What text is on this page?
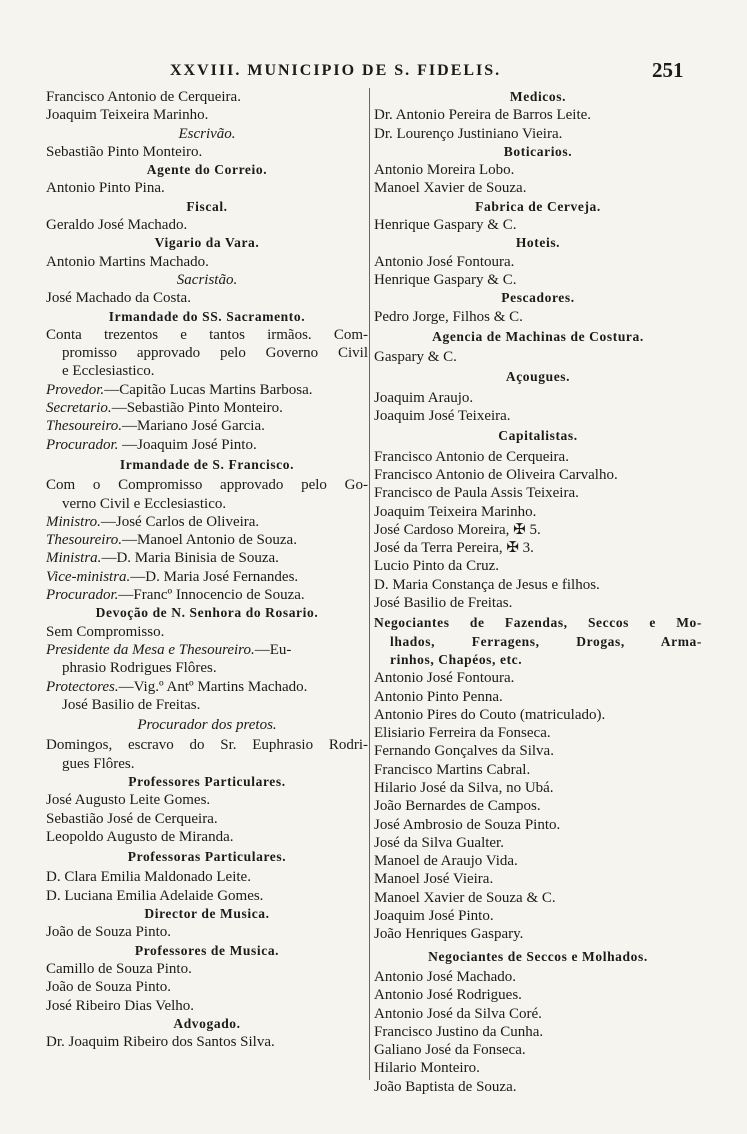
XXVIII. MUNICIPIO DE S. FIDELIS.	251
Francisco Antonio de Cerqueira.
Joaquim Teixeira Marinho.
Escrivão.
Sebastião Pinto Monteiro.
Agente do Correio.
Antonio Pinto Pina.
Fiscal.
Geraldo José Machado.
Vigario da Vara.
Antonio Martins Machado.
Sacristão.
José Machado da Costa.
Irmandade do SS. Sacramento.
Conta trezentos e tantos irmãos. Com-
promisso approvado pelo Governo Civil
e Ecclesiastico.
Provedor.—Capitão Lucas Martins Barbosa.
Secretario.—Sebastião Pinto Monteiro.
Thesoureiro.—Mariano José Garcia.
Procurador. —Joaquim José Pinto.
Irmandade de S. Francisco.
Com o Compromisso approvado pelo Go-
verno Civil e Ecclesiastico.
Ministro.—José Carlos de Oliveira.
Thesoureiro.—Manoel Antonio de Souza.
Ministra.—D. Maria Binisia de Souza.
Vice-ministra.—D. Maria José Fernandes.
Procurador.—Francº Innocencio de Souza.
Devoção de N. Senhora do Rosario.
Sem Compromisso.
Presidente da Mesa e Thesoureiro.—Eu-
phrasio Rodrigues Flôres.
Protectores.—Vig.º Antº Martins Machado.
José Basilio de Freitas.
Procurador dos pretos.
Domingos, escravo do Sr. Euphrasio Rodri-
gues Flôres.
Professores Particulares.
José Augusto Leite Gomes.
Sebastião José de Cerqueira.
Leopoldo Augusto de Miranda.
Professoras Particulares.
D. Clara Emilia Maldonado Leite.
D. Luciana Emilia Adelaide Gomes.
Director de Musica.
João de Souza Pinto.
Professores de Musica.
Camillo de Souza Pinto.
João de Souza Pinto.
José Ribeiro Dias Velho.
Advogado.
Dr. Joaquim Ribeiro dos Santos Silva.
Medicos.
Dr. Antonio Pereira de Barros Leite.
Dr. Lourenço Justiniano Vieira.
Boticarios.
Antonio Moreira Lobo.
Manoel Xavier de Souza.
Fabrica de Cerveja.
Henrique Gaspary & C.
Hoteis.
Antonio José Fontoura.
Henrique Gaspary & C.
Pescadores.
Pedro Jorge, Filhos & C.
Agencia de Machinas de Costura.
Gaspary & C.
Açougues.
Joaquim Araujo.
Joaquim José Teixeira.
Capitalistas.
Francisco Antonio de Cerqueira.
Francisco Antonio de Oliveira Carvalho.
Francisco de Paula Assis Teixeira.
Joaquim Teixeira Marinho.
José Cardoso Moreira, ✠ 5.
José da Terra Pereira, ✠ 3.
Lucio Pinto da Cruz.
D. Maria Constança de Jesus e filhos.
José Basilio de Freitas.
Negociantes de Fazendas, Seccos e Mo-
lhados, Ferragens, Drogas, Arma-
rinhos, Chapéos, etc.
Antonio José Fontoura.
Antonio Pinto Penna.
Antonio Pires do Couto (matriculado).
Elisiario Ferreira da Fonseca.
Fernando Gonçalves da Silva.
Francisco Martins Cabral.
Hilario José da Silva, no Ubá.
João Bernardes de Campos.
José Ambrosio de Souza Pinto.
José da Silva Gualter.
Manoel de Araujo Vida.
Manoel José Vieira.
Manoel Xavier de Souza & C.
Joaquim José Pinto.
João Henriques Gaspary.
Negociantes de Seccos e Molhados.
Antonio José Machado.
Antonio José Rodrigues.
Antonio José da Silva Coré.
Francisco Justino da Cunha.
Galiano José da Fonseca.
Hilario Monteiro.
João Baptista de Souza.
